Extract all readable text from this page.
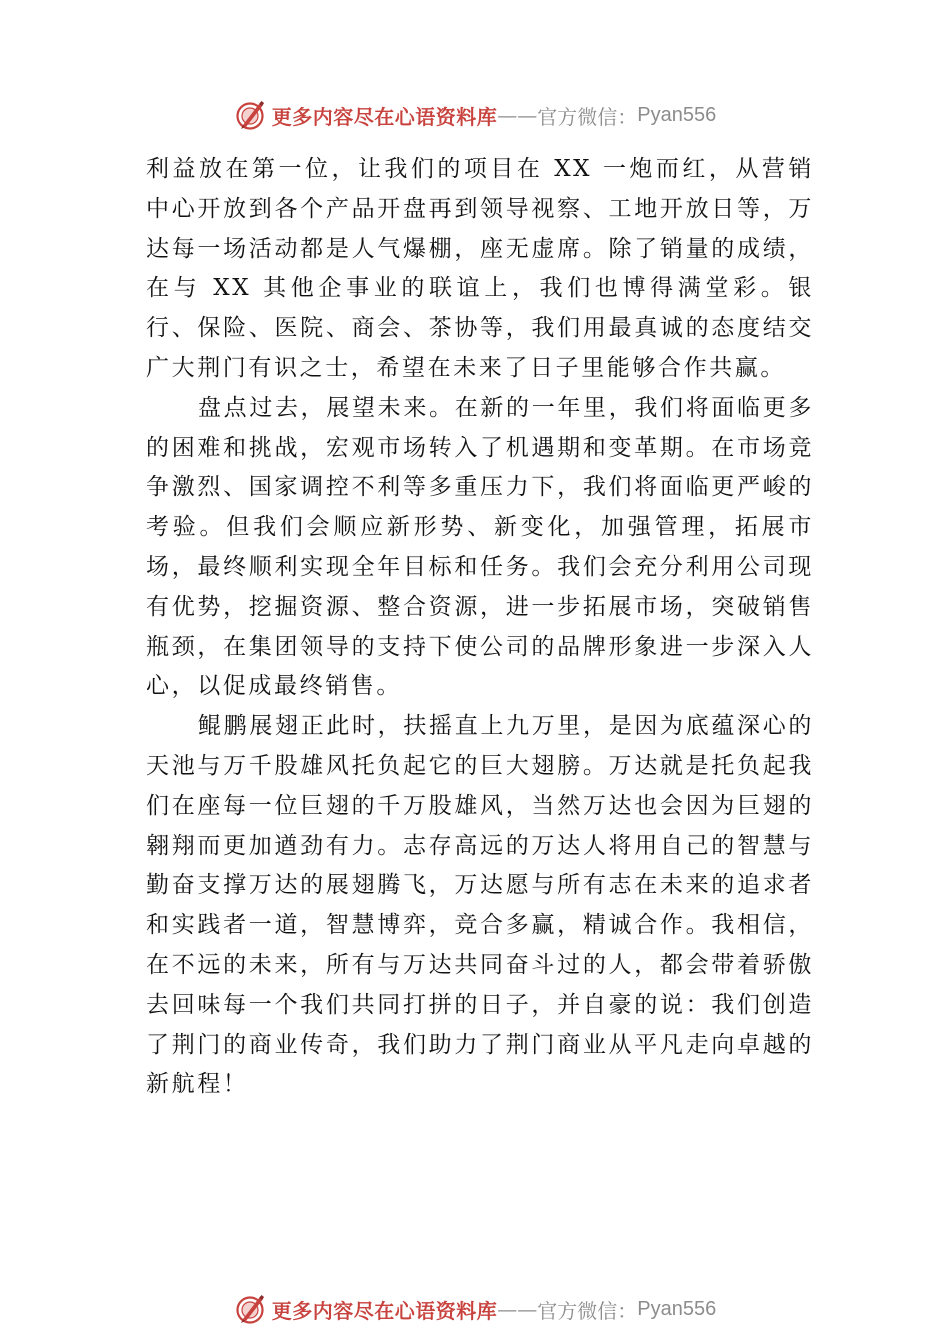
更多内容尽在心语资料库 —— 官方微信： Pyan556

利益放在第一位，让我们的项目在 XX 一炮而红，从营销中心开放到各个产品开盘再到领导视察、工地开放日等，万达每一场活动都是人气爆棚，座无虚席。除了销量的成绩，在与 XX 其他企事业的联谊上，我们也博得满堂彩。银行、保险、医院、商会、茶协等，我们用最真诚的态度结交广大荆门有识之士，希望在未来了日子里能够合作共赢。

盘点过去，展望未来。在新的一年里，我们将面临更多的困难和挑战，宏观市场转入了机遇期和变革期。在市场竞争激烈、国家调控不利等多重压力下，我们将面临更严峻的考验。但我们会顺应新形势、新变化，加强管理，拓展市场，最终顺利实现全年目标和任务。我们会充分利用公司现有优势，挖掘资源、整合资源，进一步拓展市场，突破销售瓶颈，在集团领导的支持下使公司的品牌形象进一步深入人心，以促成最终销售。

鲲鹏展翅正此时，扶摇直上九万里，是因为底蕴深心的天池与万千股雄风托负起它的巨大翅膀。万达就是托负起我们在座每一位巨翅的千万股雄风，当然万达也会因为巨翅的翱翔而更加遒劲有力。志存高远的万达人将用自己的智慧与勤奋支撑万达的展翅腾飞，万达愿与所有志在未来的追求者和实践者一道，智慧博弈，竞合多赢，精诚合作。我相信， 在不远的未来，所有与万达共同奋斗过的人，都会带着骄傲去回味每一个我们共同打拼的日子，并自豪的说：我们创造了荆门的商业传奇，我们助力了荆门商业从平凡走向卓越的新航程！

更多内容尽在心语资料库 —— 官方微信： Pyan556
